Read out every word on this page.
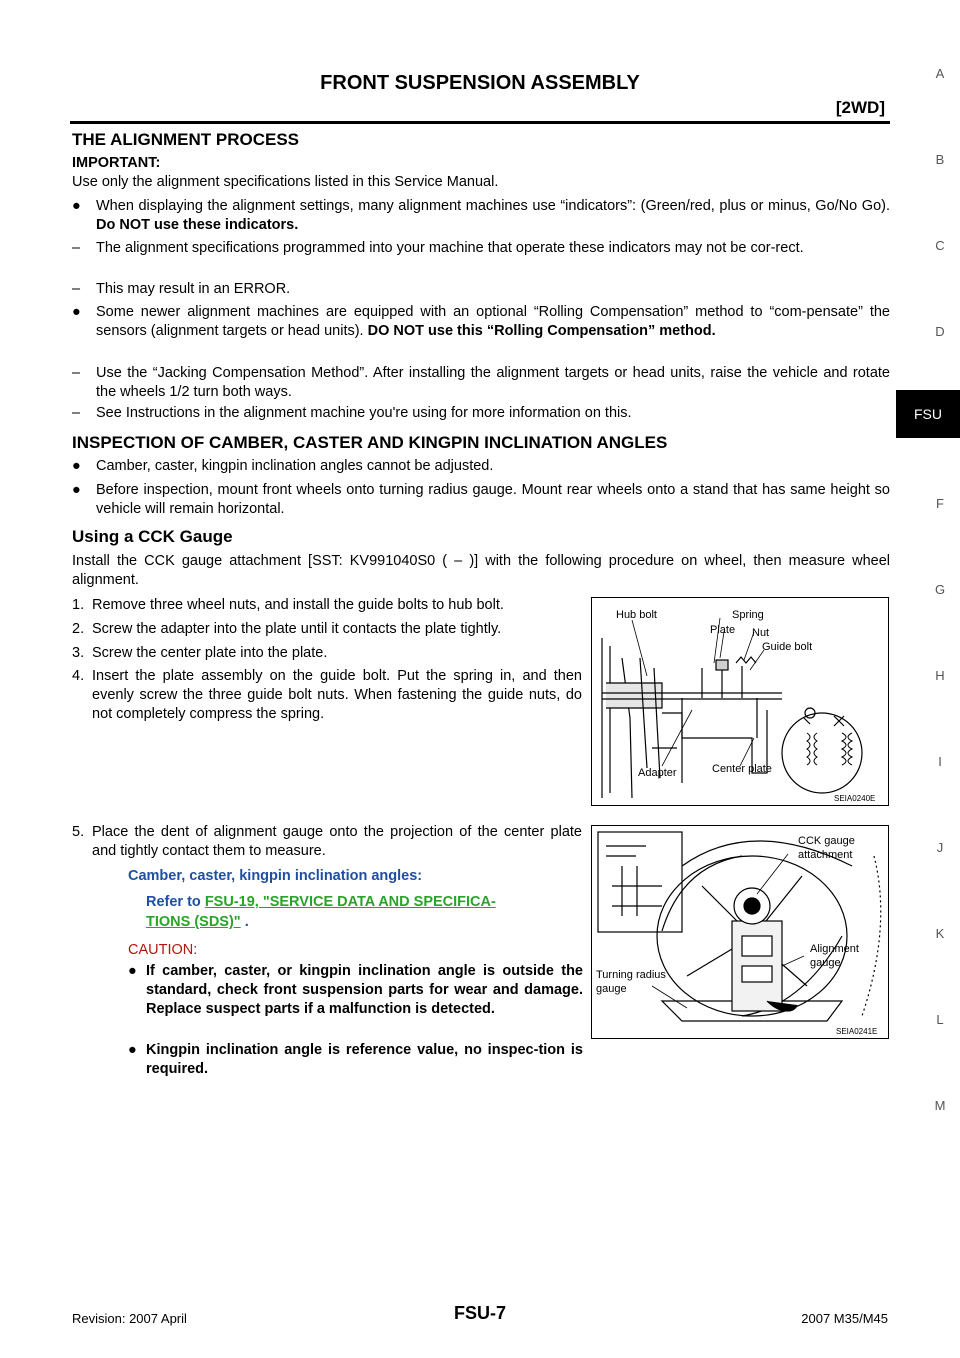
FRONT SUSPENSION ASSEMBLY
[2WD]
A
B
C
D
FSU
F
G
H
I
J
K
L
M
THE ALIGNMENT PROCESS
IMPORTANT:
Use only the alignment specifications listed in this Service Manual.
●	When displaying the alignment settings, many alignment machines use “indicators”: (Green/red, plus or minus, Go/No Go). Do NOT use these indicators.
–	The alignment specifications programmed into your machine that operate these indicators may not be cor-rect.
–	This may result in an ERROR.
●	Some newer alignment machines are equipped with an optional “Rolling Compensation” method to “com-pensate” the sensors (alignment targets or head units). DO NOT use this “Rolling Compensation” method.
–	Use the “Jacking Compensation Method”. After installing the alignment targets or head units, raise the vehicle and rotate the wheels 1/2 turn both ways.
–	See Instructions in the alignment machine you're using for more information on this.
INSPECTION OF CAMBER, CASTER AND KINGPIN INCLINATION ANGLES
●	Camber, caster, kingpin inclination angles cannot be adjusted.
●	Before inspection, mount front wheels onto turning radius gauge. Mount rear wheels onto a stand that has same height so vehicle will remain horizontal.
Using a CCK Gauge
Install the CCK gauge attachment [SST: KV991040S0 ( – )] with the following procedure on wheel, then measure wheel alignment.
1. Remove three wheel nuts, and install the guide bolts to hub bolt.
2. Screw the adapter into the plate until it contacts the plate tightly.
3. Screw the center plate into the plate.
4. Insert the plate assembly on the guide bolt. Put the spring in, and then evenly screw the three guide bolt nuts. When fastening the guide nuts, do not completely compress the spring.
5. Place the dent of alignment gauge onto the projection of the center plate and tightly contact them to measure.
Camber, caster, kingpin inclination angles:
Refer to FSU-19, "SERVICE DATA AND SPECIFICA-
TIONS (SDS)" .
CAUTION:
● If camber, caster, or kingpin inclination angle is outside the standard, check front suspension parts for wear and damage. Replace suspect parts if a malfunction is detected.
● Kingpin inclination angle is reference value, no inspec-tion is required.
Hub bolt	Spring
Plate Nut
Guide bolt
Adapter	Center plate
SEIA0240E
CCK gauge
attachment
Alignment
gauge
Turning radius
gauge
SEIA0241E
Revision: 2007 April	FSU-7	2007 M35/M45
